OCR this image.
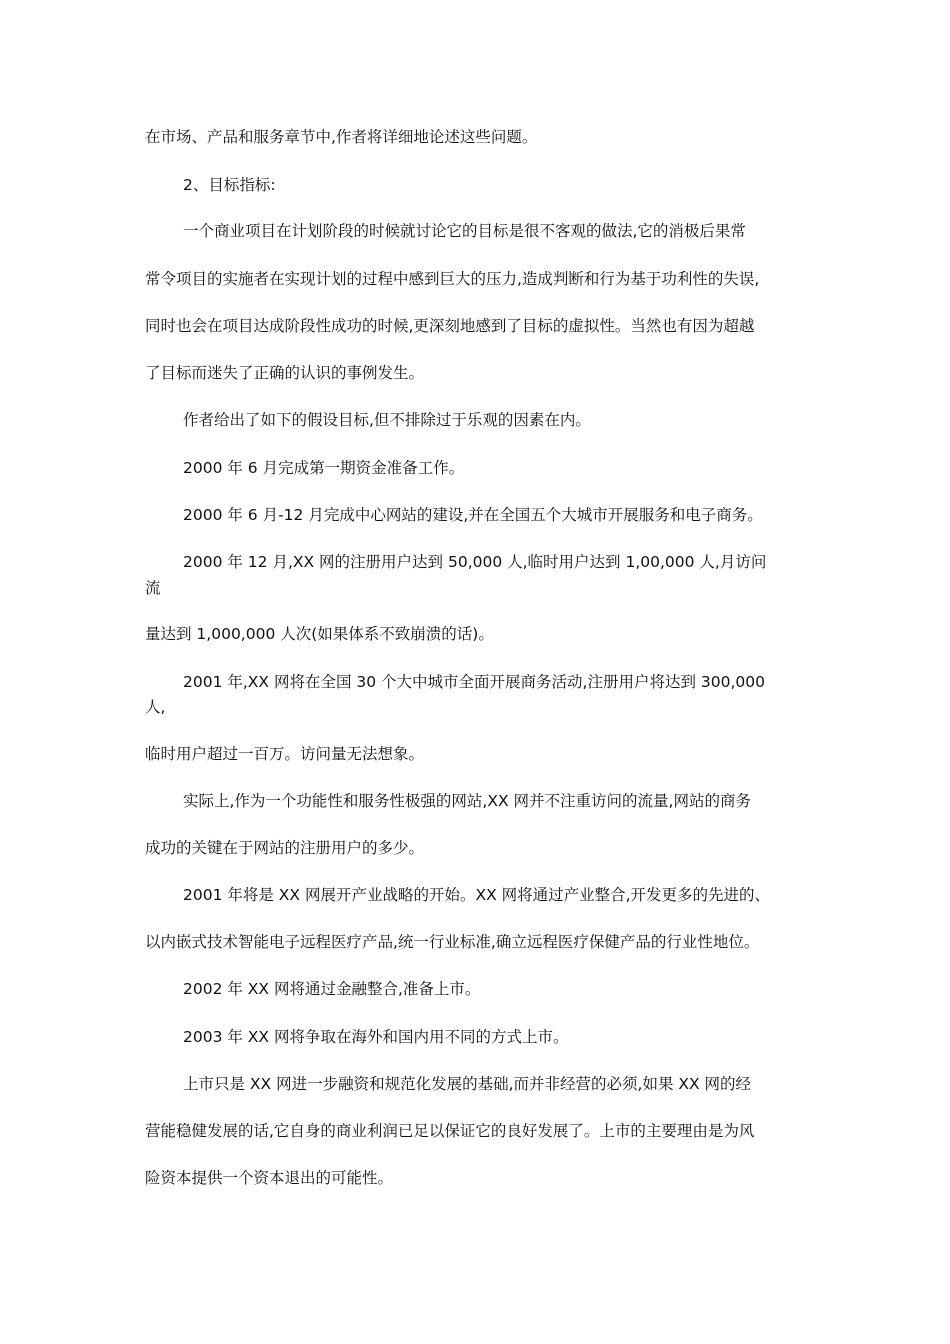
在市场、产品和服务章节中,作者将详细地论述这些问题。
2、目标指标:
一个商业项目在计划阶段的时候就讨论它的目标是很不客观的做法,它的消极后果常
常令项目的实施者在实现计划的过程中感到巨大的压力,造成判断和行为基于功利性的失误,
同时也会在项目达成阶段性成功的时候,更深刻地感到了目标的虚拟性。当然也有因为超越
了目标而迷失了正确的认识的事例发生。
作者给出了如下的假设目标,但不排除过于乐观的因素在内。
2000 年 6 月完成第一期资金准备工作。
2000 年 6 月-12 月完成中心网站的建设,并在全国五个大城市开展服务和电子商务。
2000 年 12 月,XX 网的注册用户达到 50,000 人,临时用户达到 1,00,000 人,月访问
流
量达到 1,000,000 人次(如果体系不致崩溃的话)。
2001 年,XX 网将在全国 30 个大中城市全面开展商务活动,注册用户将达到 300,000
人,
临时用户超过一百万。访问量无法想象。
实际上,作为一个功能性和服务性极强的网站,XX 网并不注重访问的流量,网站的商务
成功的关键在于网站的注册用户的多少。
2001 年将是 XX 网展开产业战略的开始。XX 网将通过产业整合,开发更多的先进的、
以内嵌式技术智能电子远程医疗产品,统一行业标准,确立远程医疗保健产品的行业性地位。
2002 年 XX 网将通过金融整合,准备上市。
2003 年 XX 网将争取在海外和国内用不同的方式上市。
上市只是 XX 网进一步融资和规范化发展的基础,而并非经营的必须,如果 XX 网的经
营能稳健发展的话,它自身的商业利润已足以保证它的良好发展了。上市的主要理由是为风
险资本提供一个资本退出的可能性。
